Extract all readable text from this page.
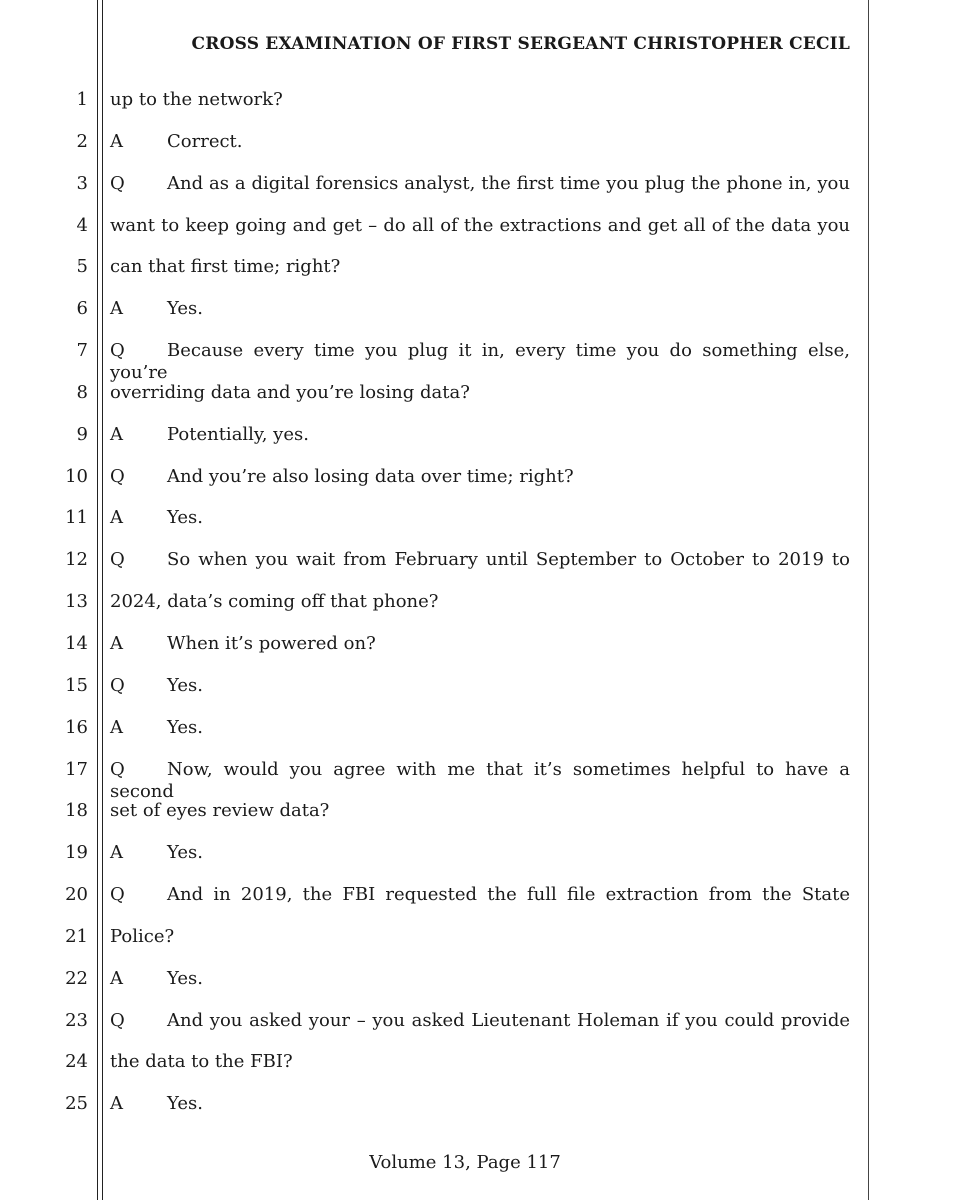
CROSS EXAMINATION OF FIRST SERGEANT CHRISTOPHER CECIL
1 up to the network?
2 A Correct.
3 Q And as a digital forensics analyst, the first time you plug the phone in, you
4 want to keep going and get – do all of the extractions and get all of the data you
5 can that first time; right?
6 A Yes.
7 Q Because every time you plug it in, every time you do something else, you’re
8 overriding data and you’re losing data?
9 A Potentially, yes.
10 Q And you’re also losing data over time; right?
11 A Yes.
12 Q So when you wait from February until September to October to 2019 to
13 2024, data’s coming off that phone?
14 A When it’s powered on?
15 Q Yes.
16 A Yes.
17 Q Now, would you agree with me that it’s sometimes helpful to have a second
18 set of eyes review data?
19 A Yes.
20 Q And in 2019, the FBI requested the full file extraction from the State
21 Police?
22 A Yes.
23 Q And you asked your – you asked Lieutenant Holeman if you could provide
24 the data to the FBI?
25 A Yes.
Volume 13, Page 117
